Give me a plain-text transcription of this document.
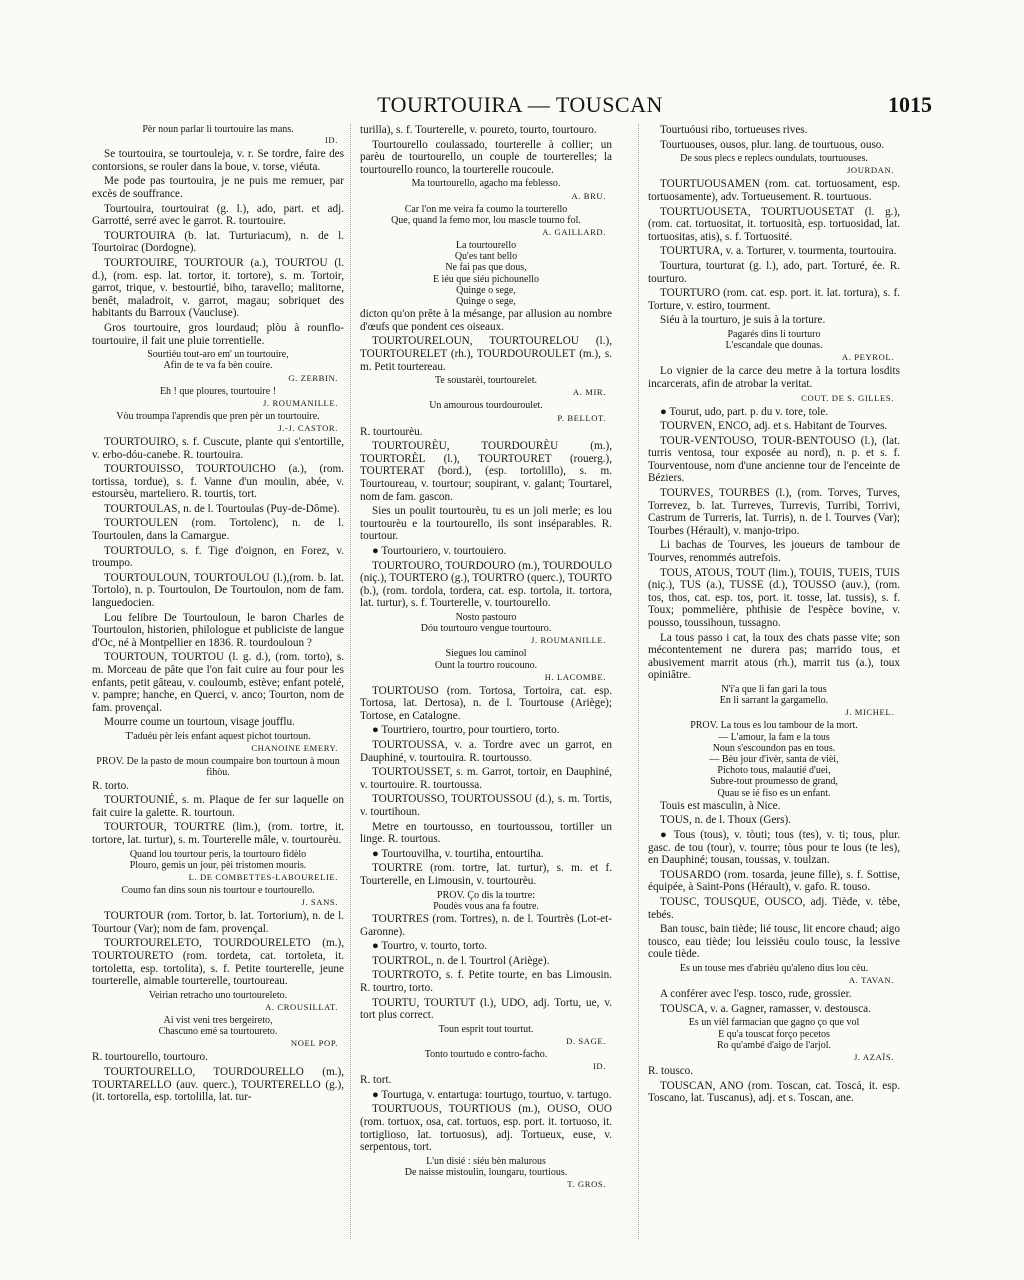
TOURTOUIRA — TOUSCAN	1015
Pèr noun parlar li tourtouire las mans.
ID.

Se tourtouira, se tourtouleja, v. r. Se tordre, faire des contorsions, se rouler dans la boue, v. torse, viéuta.

Me pode pas tourtouira, je ne puis me remuer, par excès de souffrance.

Tourtouira, tourtouirat (g. l.), ado, part. et adj. Garrotté, serré avec le garrot. R. tourtouire.

TOURTOUIRA (b. lat. Turturiacum), n. de l. Tourtoirac (Dordogne).

TOURTOUIRE, TOURTOUR (a.), TOURTOU (l. d.), (rom. esp. lat. tortor, it. tortore), s. m. Tortoir, garrot, trique, v. bestourtié, biho, taravello; malitorne, benêt, maladroit, v. garrot, magau; sobriquet des habitants du Barroux (Vaucluse).

Gros tourtouire, gros lourdaud; plòu à rounflo-tourtouire, il fait une pluie torrentielle.

Sourtiéu tout-aro em' un tourtouire,
Afin de te va fa bèn couire.
G. ZERBIN.
Eh ! que ploures, tourtouire !
J. ROUMANILLE.
Vòu troumpa l'aprendis que pren pèr un tourtouire.
J.-J. CASTOR.

TOURTOUIRO, s. f. Cuscute, plante qui s'entortille, v. erbo-dóu-canebe. R. tourtouira.

TOURTOUISSO, TOURTOUICHO (a.), (rom. tortissa, tordue), s. f. Vanne d'un moulin, abée, v. estoursèu, marteliero. R. tourtis, tort.

TOURTOULAS, n. de l. Tourtoulas (Puy-de-Dôme).

TOURTOULEN (rom. Tortolenc), n. de l. Tourtoulen, dans la Camargue.

TOURTOULO, s. f. Tige d'oignon, en Forez, v. troumpo.

TOURTOULOUN, TOURTOULOU (l.),(rom. b. lat. Tortolo), n. p. Tourtoulon, De Tourtoulon, nom de fam. languedocien.

Lou felibre De Tourtouloun, le baron Charles de Tourtoulon, historien, philologue et publiciste de langue d'Oc, né à Montpellier en 1836. R. tourdouloun ?

TOURTOUN, TOURTOU (l. g. d.), (rom. torto), s. m. Morceau de pâte que l'on fait cuire au four pour les enfants, petit gâteau, v. couloumb, estève; enfant potelé, v. pampre; hanche, en Querci, v. anco; Tourton, nom de fam. provençal.

Mourre coume un tourtoun, visage joufflu.

T'aduéu pèr leis enfant aquest pichot tourtoun.
CHANOINE EMERY.
PROV. De la pasto de moun coumpaire bon tourtoun à moun fihòu.

R. torto.

TOURTOUNIÉ, s. m. Plaque de fer sur laquelle on fait cuire la galette. R. tourtoun.

TOURTOUR, TOURTRE (lim.), (rom. tortre, it. tortore, lat. turtur), s. m. Tourterelle mâle, v. tourtourèu.

Quand lou tourtour peris, la tourtouro fidèlo
Plouro, gemis un jour, pèi tristomen mouris.
L. DE COMBETTES-LABOURELIE.
Coumo fan dins soun nis tourtour e tourtourello.
J. SANS.

TOURTOUR (rom. Tortor, b. lat. Tortorium), n. de l. Tourtour (Var); nom de fam. provençal.

TOURTOURELETO, TOURDOURELETO (m.), TOURTOURETO (rom. tordeta, cat. tortoleta, it. tortoletta, esp. tortolita), s. f. Petite tourterelle, jeune tourterelle, aimable tourterelle, tourtoureau.

Veirian retracho uno tourtoureleto.
A. CROUSILLAT.
Ai vist veni tres bergeireto,
Chascuno emé sa tourtoureto.
NOEL POP.

R. tourtourello, tourtouro.

TOURTOURELLO, TOURDOURELLO (m.), TOURTARELLO (auv. querc.), TOURTERELLO (g.), (it. tortorella, esp. tortolilla, lat. tur-

turilla), s. f. Tourterelle, v. poureto, tourto, tourtouro.

Tourtourello coulassado, tourterelle à collier; un parèu de tourtourello, un couple de tourterelles; la tourtourello rounco, la tourterelle roucoule.

Ma tourtourello, agacho ma feblesso.
A. BRU.
Car l'on me veira fa coumo la tourterello
Que, quand la femo mor, lou mascle tourno fol.
A. GAILLARD.
La tourtourello
Qu'es tant bello
Ne fai pas que dous,
E iéu que siéu pichounello
Quinge o sege,
Quinge o sege,

dicton qu'on prête à la mésange, par allusion au nombre d'œufs que pondent ces oiseaux.

TOURTOURELOUN, TOURTOURELOU (l.), TOURTOURELET (rh.), TOURDOUROULET (m.), s. m. Petit tourtereau.

Te soustarèi, tourtourelet.
A. MIR.
Un amourous tourdouroulet.
P. BELLOT.

R. tourtourèu.

TOURTOURÈU, TOURDOURÈU (m.), TOURTORÈL (l.), TOURTOURET (rouerg.), TOURTERAT (bord.), (esp. tortolillo), s. m. Tourtoureau, v. tourtour; soupirant, v. galant; Tourtarel, nom de fam. gascon.

Sies un poulit tourtourèu, tu es un joli merle; es lou tourtourèu e la tourtourello, ils sont inséparables. R. tourtour.

● Tourtouriero, v. tourtouiero.

TOURTOURO, TOURDOURO (m.), TOURDOULO (niç.), TOURTERO (g.), TOURTRO (querc.), TOURTO (b.), (rom. tordola, tordera, cat. esp. tortola, it. tortora, lat. turtur), s. f. Tourterelle, v. tourtourello.

Nosto pastouro
Dóu tourtouro vengue tourtouro.
J. ROUMANILLE.
Siegues lou caminol
Ount la tourtro roucouno.
H. LACOMBE.

TOURTOUSO (rom. Tortosa, Tortoira, cat. esp. Tortosa, lat. Dertosa), n. de l. Tourtouse (Ariège); Tortose, en Catalogne.

● Tourtriero, tourtro, pour tourtiero, torto.

TOURTOUSSA, v. a. Tordre avec un garrot, en Dauphiné, v. tourtouira. R. tourtousso.

TOURTOUSSET, s. m. Garrot, tortoir, en Dauphiné, v. tourtouire. R. tourtoussa.

TOURTOUSSO, TOURTOUSSOU (d.), s. m. Tortis, v. tourtihoun.

Metre en tourtousso, en tourtoussou, tortiller un linge. R. tourtous.

● Tourtouvilha, v. tourtiha, entourtiha.

TOURTRE (rom. tortre, lat. turtur), s. m. et f. Tourterelle, en Limousin, v. tourtourèu.

PROV. Ço dis la tourtre:
Poudès vous ana fa foutre.

TOURTRES (rom. Tortres), n. de l. Tourtrès (Lot-et-Garonne).

● Tourtro, v. tourto, torto.

TOURTROL, n. de l. Tourtrol (Ariège).

TOURTROTO, s. f. Petite tourte, en bas Limousin. R. tourtro, torto.

TOURTU, TOURTUT (l.), UDO, adj. Tortu, ue, v. tort plus correct.

Toun esprit tout tourtut.
D. SAGE.
Tonto tourtudo e contro-facho.
ID.

R. tort.

● Tourtuga, v. entartuga: tourtugo, tourtuo, v. tartugo.

TOURTUOUS, TOURTIOUS (m.), OUSO, OUO (rom. tortuox, osa, cat. tortuos, esp. port. it. tortuoso, it. tortiglioso, lat. tortuosus), adj. Tortueux, euse, v. serpentous, tort.

L'un disié : siéu bèn malurous
De naisse mistoulin, loungaru, tourtious.
T. GROS.

Tourtuóusi ribo, tortueuses rives.

Tourtuouses, ousos, plur. lang. de tourtuous, ouso.

De sous plecs e replecs oundulats, tourtuouses.
JOURDAN.

TOURTUOUSAMEN (rom. cat. tortuosament, esp. tortuosamente), adv. Tortueusement. R. tourtuous.

TOURTUOUSETA, TOURTUOUSETAT (l. g.), (rom. cat. tortuositat, it. tortuosità, esp. tortuosidad, lat. tortuositas, atis), s. f. Tortuosité.

TOURTURA, v. a. Torturer, v. tourmenta, tourtouira.

Tourtura, tourturat (g. l.), ado, part. Torturé, ée. R. tourturo.

TOURTURO (rom. cat. esp. port. it. lat. tortura), s. f. Torture, v. estiro, tourment.

Siéu à la tourturo, je suis à la torture.

Pagarés dins li tourturo
L'escandale que dounas.
A. PEYROL.

Lo vignier de la carce deu metre à la tortura losdits incarcerats, afin de atrobar la veritat.

COUT. DE S. GILLES.

● Tourut, udo, part. p. du v. tore, tole.

TOURVEN, ENCO, adj. et s. Habitant de Tourves.

TOUR-VENTOUSO, TOUR-BENTOUSO (l.), (lat. turris ventosa, tour exposée au nord), n. p. et s. f. Tourventouse, nom d'une ancienne tour de l'enceinte de Béziers.

TOURVES, TOURBES (l.), (rom. Torves, Turves, Torrevez, b. lat. Turreves, Turrevis, Turribi, Torrivi, Castrum de Turreris, lat. Turris), n. de l. Tourves (Var); Tourbes (Hérault), v. manjo-tripo.

Li bachas de Tourves, les joueurs de tambour de Tourves, renommés autrefois.

TOUS, ATOUS, TOUT (lim.), TOUIS, TUEIS, TUIS (niç.), TUS (a.), TUSSE (d.), TOUSSO (auv.), (rom. tos, thos, cat. esp. tos, port. it. tosse, lat. tussis), s. f. Toux; pommelière, phthisie de l'espèce bovine, v. pousso, toussihoun, tussagno.

La tous passo i cat, la toux des chats passe vite; son mécontentement ne durera pas; marrido tous, et abusivement marrit atous (rh.), marrit tus (a.), toux opiniâtre.

N'i'a que li fan gari la tous
En li sarrant la gargamello.
J. MICHEL.
PROV. La tous es lou tambour de la mort.
— L'amour, la fam e la tous
Noun s'escoundon pas en tous.
— Bèu jour d'ivèr, santa de vièi,
Pichoto tous, malautié d'uei,
Subre-tout proumesso de grand,
Quau se ié fiso es un enfant.

Touis est masculin, à Nice.

TOUS, n. de l. Thoux (Gers).

● Tous (tous), v. tòuti; tous (tes), v. ti; tous, plur. gasc. de tou (tour), v. tourre; tòus pour te lous (te les), en Dauphiné; tousan, toussas, v. toulzan.

TOUSARDO (rom. tosarda, jeune fille), s. f. Sottise, équipée, à Saint-Pons (Hérault), v. gafo. R. touso.

TOUSC, TOUSQUE, OUSCO, adj. Tiède, v. tèbe, tebés.

Ban tousc, bain tiède; lié tousc, lit encore chaud; aigo tousco, eau tiède; lou leissièu coulo tousc, la lessive coule tiède.

Es un touse mes d'abrièu qu'aleno dius lou cèu.
A. TAVAN.

A conférer avec l'esp. tosco, rude, grossier.

TOUSCA, v. a. Gagner, ramasser, v. destousca.

Es un vièl farmacian que gagno ço que vol
E qu'a touscat forço pecetos
Ro qu'ambé d'aigo de l'arjol.
J. AZAÏS.

R. tousco.

TOUSCAN, ANO (rom. Toscan, cat. Toscá, it. esp. Toscano, lat. Tuscanus), adj. et s. Toscan, ane.
